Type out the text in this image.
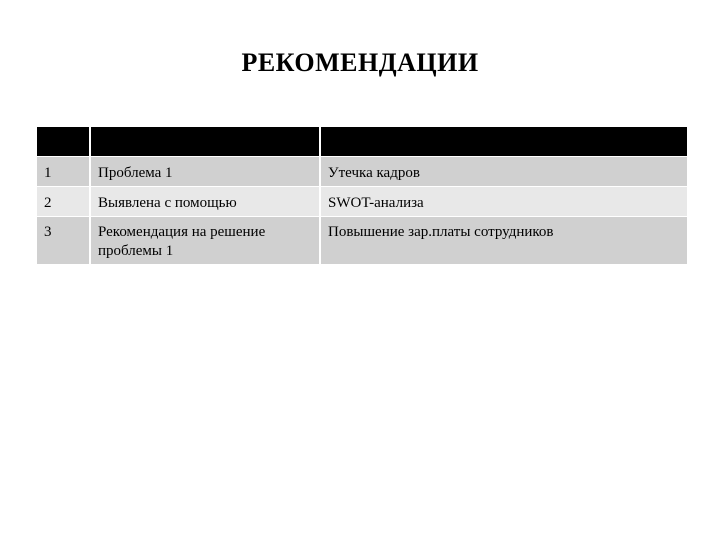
РЕКОМЕНДАЦИИ

1	Проблема 1	Утечка кадров
2	Выявлена с помощью	SWOT-анализа
3	Рекомендация на решение проблемы 1	Повышение зар.платы сотрудников
